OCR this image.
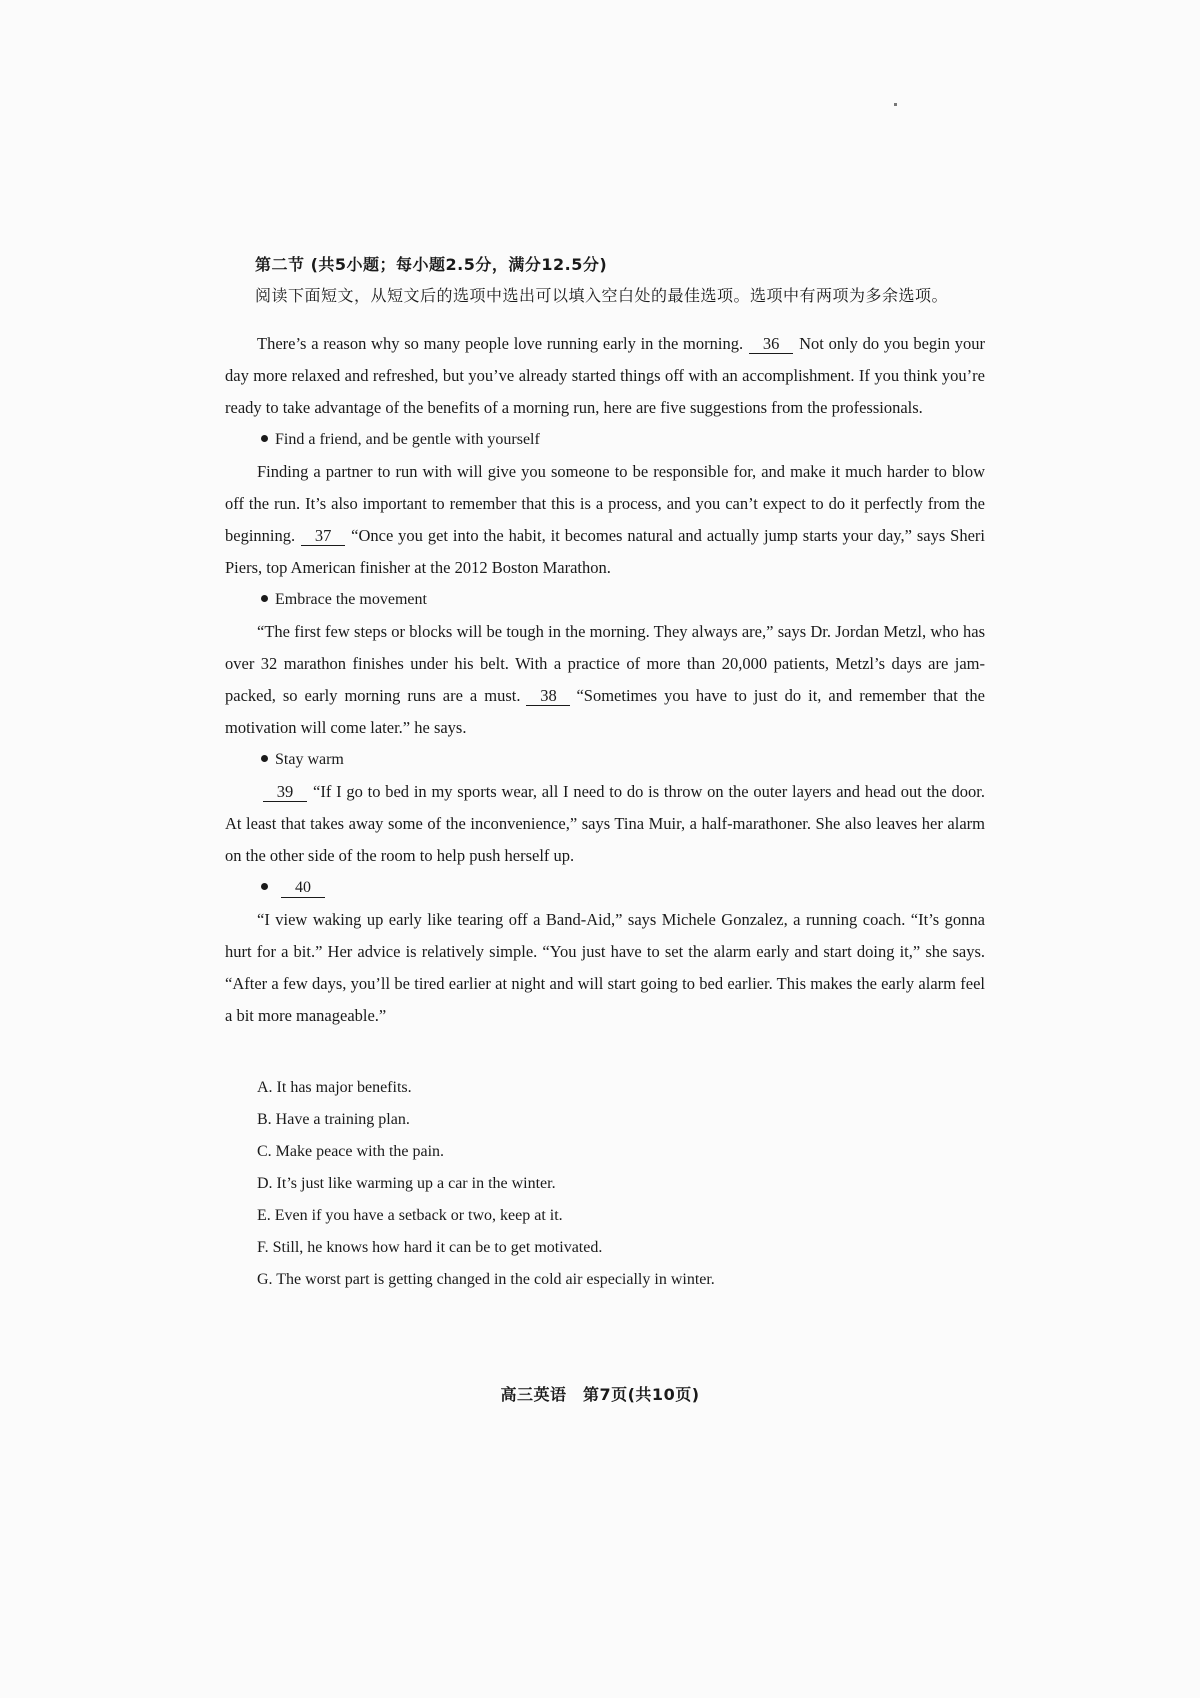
第二节 (共5小题；每小题2.5分，满分12.5分)
阅读下面短文，从短文后的选项中选出可以填入空白处的最佳选项。选项中有两项为多余选项。

There’s a reason why so many people love running early in the morning. 36 Not only do you begin your day more relaxed and refreshed, but you’ve already started things off with an accomplishment. If you think you’re ready to take advantage of the benefits of a morning run, here are five suggestions from the professionals.

Find a friend, and be gentle with yourself

Finding a partner to run with will give you someone to be responsible for, and make it much harder to blow off the run. It’s also important to remember that this is a process, and you can’t expect to do it perfectly from the beginning. 37 “Once you get into the habit, it becomes natural and actually jump starts your day,” says Sheri Piers, top American finisher at the 2012 Boston Marathon.

Embrace the movement

“The first few steps or blocks will be tough in the morning. They always are,” says Dr. Jordan Metzl, who has over 32 marathon finishes under his belt. With a practice of more than 20,000 patients, Metzl’s days are jam-packed, so early morning runs are a must. 38 “Sometimes you have to just do it, and remember that the motivation will come later.” he says.

Stay warm

39 “If I go to bed in my sports wear, all I need to do is throw on the outer layers and head out the door. At least that takes away some of the inconvenience,” says Tina Muir, a half-marathoner. She also leaves her alarm on the other side of the room to help push herself up.

40

“I view waking up early like tearing off a Band-Aid,” says Michele Gonzalez, a running coach. “It’s gonna hurt for a bit.” Her advice is relatively simple. “You just have to set the alarm early and start doing it,” she says. “After a few days, you’ll be tired earlier at night and will start going to bed earlier. This makes the early alarm feel a bit more manageable.”

A. It has major benefits.
B. Have a training plan.
C. Make peace with the pain.
D. It’s just like warming up a car in the winter.
E. Even if you have a setback or two, keep at it.
F. Still, he knows how hard it can be to get motivated.
G. The worst part is getting changed in the cold air especially in winter.
高三英语　第7页(共10页)
